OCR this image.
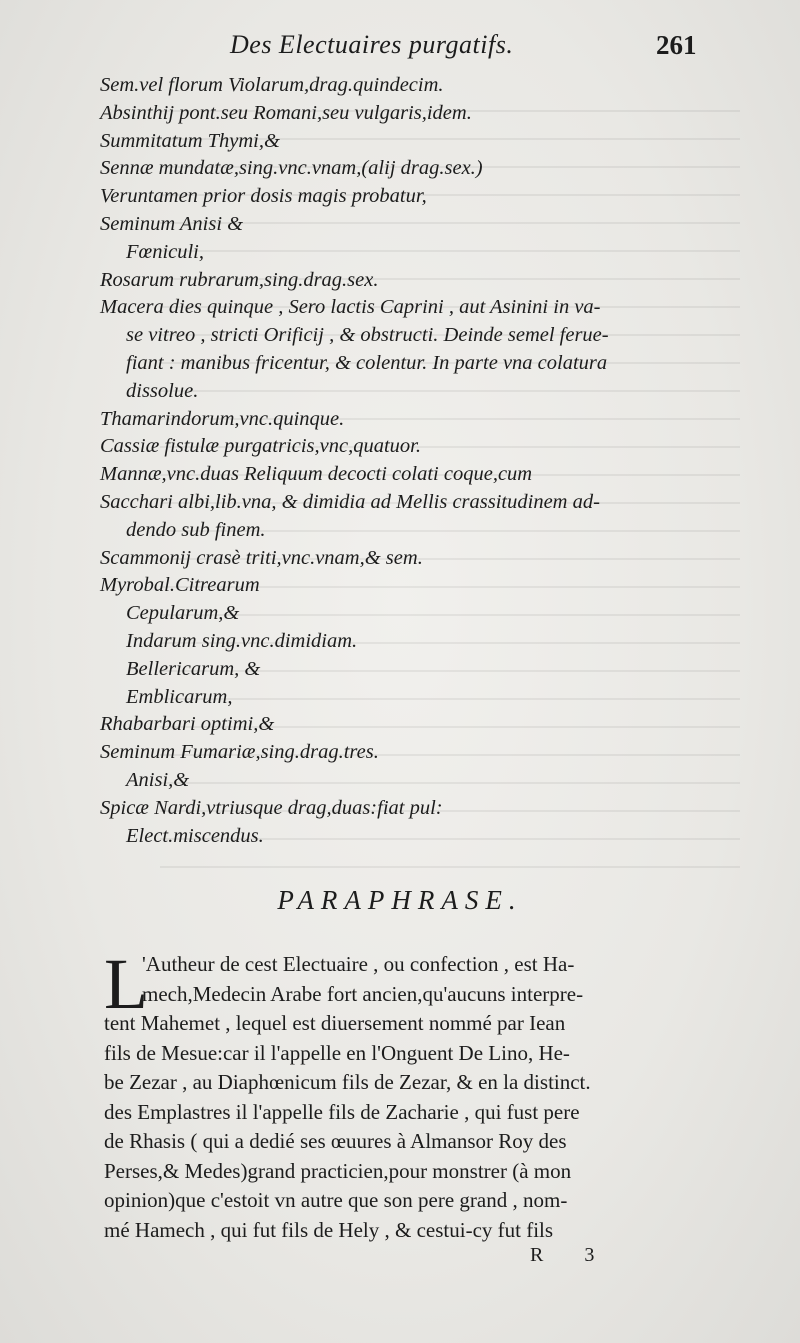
Des Electuaires purgatifs.	261
Sem.vel florum Violarum,drag.quindecim.
Absinthij pont.seu Romani,seu vulgaris,idem.
Summitatum Thymi,&
Sennæ mundatæ,sing.vnc.vnam,(alij drag.sex.)
Veruntamen prior dosis magis probatur,
Seminum Anisi &
Fœniculi,
Rosarum rubrarum,sing.drag.sex.
Macera dies quinque , Sero lactis Caprini , aut Asinini in va-
se vitreo , stricti Orificij , & obstructi. Deinde semel ferue-
fiant : manibus fricentur, & colentur. In parte vna colatura
dissolue.
Thamarindorum,vnc.quinque.
Cassiæ fistulæ purgatricis,vnc,quatuor.
Mannæ,vnc.duas Reliquum decocti colati coque,cum
Sacchari albi,lib.vna, & dimidia ad Mellis crassitudinem ad-
dendo sub finem.
Scammonij crasè triti,vnc.vnam,& sem.
Myrobal.Citrearum
Cepularum,&
Indarum sing.vnc.dimidiam.
Bellericarum, &
Emblicarum,
Rhabarbari optimi,&
Seminum Fumariæ,sing.drag.tres.
Anisi,&
Spicæ Nardi,vtriusque drag,duas:fiat pul:
Elect.miscendus.
PARAPHRASE.
L
'Autheur de cest Electuaire , ou confection , est Ha-
mech,Medecin Arabe fort ancien,qu'aucuns interpre-
tent Mahemet , lequel est diuersement nommé par Iean
fils de Mesue:car il l'appelle en l'Onguent De Lino, He-
be Zezar , au Diaphœnicum fils de Zezar, & en la distinct.
des Emplastres il l'appelle fils de Zacharie , qui fust pere
de Rhasis ( qui a dedié ses œuures à Almansor Roy des
Perses,& Medes)grand practicien,pour monstrer (à mon
opinion)que c'estoit vn autre que son pere grand , nom-
mé Hamech , qui fut fils de Hely , & cestui-cy fut fils
R 3
